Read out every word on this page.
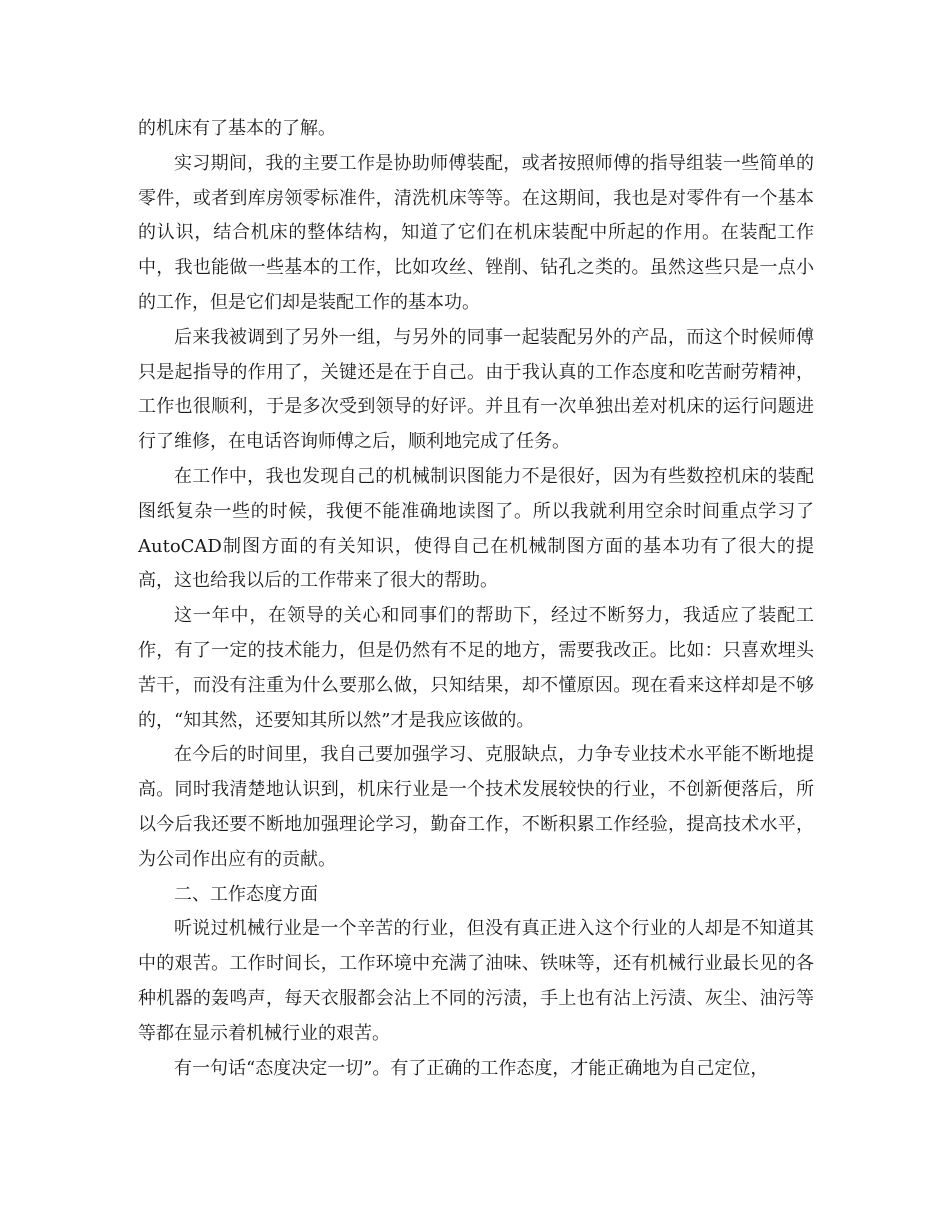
的机床有了基本的了解。

实习期间，我的主要工作是协助师傅装配，或者按照师傅的指导组装一些简单的零件，或者到库房领零标准件，清洗机床等等。在这期间，我也是对零件有一个基本的认识，结合机床的整体结构，知道了它们在机床装配中所起的作用。在装配工作中，我也能做一些基本的工作，比如攻丝、锉削、钻孔之类的。虽然这些只是一点小的工作，但是它们却是装配工作的基本功。

后来我被调到了另外一组，与另外的同事一起装配另外的产品，而这个时候师傅只是起指导的作用了，关键还是在于自己。由于我认真的工作态度和吃苦耐劳精神，工作也很顺利，于是多次受到领导的好评。并且有一次单独出差对机床的运行问题进行了维修，在电话咨询师傅之后，顺利地完成了任务。

在工作中，我也发现自己的机械制识图能力不是很好，因为有些数控机床的装配图纸复杂一些的时候，我便不能准确地读图了。所以我就利用空余时间重点学习了AutoCAD制图方面的有关知识，使得自己在机械制图方面的基本功有了很大的提高，这也给我以后的工作带来了很大的帮助。

这一年中，在领导的关心和同事们的帮助下，经过不断努力，我适应了装配工作，有了一定的技术能力，但是仍然有不足的地方，需要我改正。比如：只喜欢埋头苦干，而没有注重为什么要那么做，只知结果，却不懂原因。现在看来这样却是不够的，“知其然，还要知其所以然”才是我应该做的。

在今后的时间里，我自己要加强学习、克服缺点，力争专业技术水平能不断地提高。同时我清楚地认识到，机床行业是一个技术发展较快的行业，不创新便落后，所以今后我还要不断地加强理论学习，勤奋工作，不断积累工作经验，提高技术水平，为公司作出应有的贡献。

二、工作态度方面

听说过机械行业是一个辛苦的行业，但没有真正进入这个行业的人却是不知道其中的艰苦。工作时间长，工作环境中充满了油味、铁味等，还有机械行业最长见的各种机器的轰鸣声，每天衣服都会沾上不同的污渍，手上也有沾上污渍、灰尘、油污等等都在显示着机械行业的艰苦。

有一句话“态度决定一切”。有了正确的工作态度，才能正确地为自己定位，
